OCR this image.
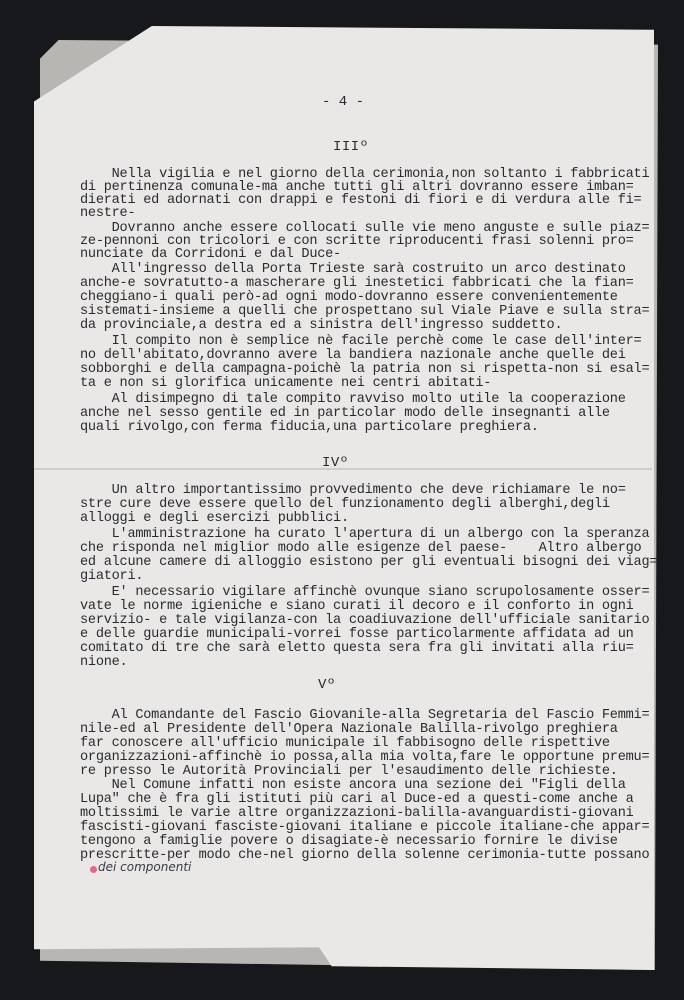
- 4 -
IIIº
Nella vigilia e nel giorno della cerimonia,non soltanto i fabbricati
di pertinenza comunale-ma anche tutti gli altri dovranno essere imban=
dierati ed adornati con drappi e festoni di fiori e di verdura alle fi=
nestre-
Dovranno anche essere collocati sulle vie meno anguste e sulle piaz=
ze-pennoni con tricolori e con scritte riproducenti frasi solenni pro=
nunciate da Corridoni e dal Duce-
All'ingresso della Porta Trieste sarà costruito un arco destinato
anche-e sovratutto-a mascherare gli inestetici fabbricati che la fian=
cheggiano-i quali però-ad ogni modo-dovranno essere convenientemente
sistemati-insieme a quelli che prospettano sul Viale Piave e sulla stra=
da provinciale,a destra ed a sinistra dell'ingresso suddetto.
Il compito non è semplice nè facile perchè come le case dell'inter=
no dell'abitato,dovranno avere la bandiera nazionale anche quelle dei
sobborghi e della campagna-poichè la patria non si rispetta-non si esal=
ta e non si glorifica unicamente nei centri abitati-
Al disimpegno di tale compito ravviso molto utile la cooperazione
anche nel sesso gentile ed in particolar modo delle insegnanti alle
quali rivolgo,con ferma fiducia,una particolare preghiera.
IVº
Un altro importantissimo provvedimento che deve richiamare le no=
stre cure deve essere quello del funzionamento degli alberghi,degli
alloggi e degli esercizi pubblici.
L'amministrazione ha curato l'apertura di un albergo con la speranza
che risponda nel miglior modo alle esigenze del paese-    Altro albergo
ed alcune camere di alloggio esistono per gli eventuali bisogni dei viag=
giatori.
E' necessario vigilare affinchè ovunque siano scrupolosamente osser=
vate le norme igieniche e siano curati il decoro e il conforto in ogni
servizio- e tale vigilanza-con la coadiuvazione dell'ufficiale sanitario
e delle guardie municipali-vorrei fosse particolarmente affidata ad un
comitato di tre che sarà eletto questa sera fra gli invitati alla riu=
nione.
Vº
Al Comandante del Fascio Giovanile-alla Segretaria del Fascio Femmi=
nile-ed al Presidente dell'Opera Nazionale Balilla-rivolgo preghiera
far conoscere all'ufficio municipale il fabbisogno delle rispettive
organizzazioni-affinchè io possa,alla mia volta,fare le opportune premu=
re presso le Autorità Provinciali per l'esaudimento delle richieste.
Nel Comune infatti non esiste ancora una sezione dei "Figli della
Lupa" che è fra gli istituti più cari al Duce-ed a questi-come anche a
moltissimi le varie altre organizzazioni-balilla-avanguardisti-giovani
fascisti-giovani fasciste-giovani italiane e piccole italiane-che appar=
tengono a famiglie povere o disagiate-è necessario fornire le divise
prescritte-per modo che-nel giorno della solenne cerimonia-tutte possano
dei componenti
